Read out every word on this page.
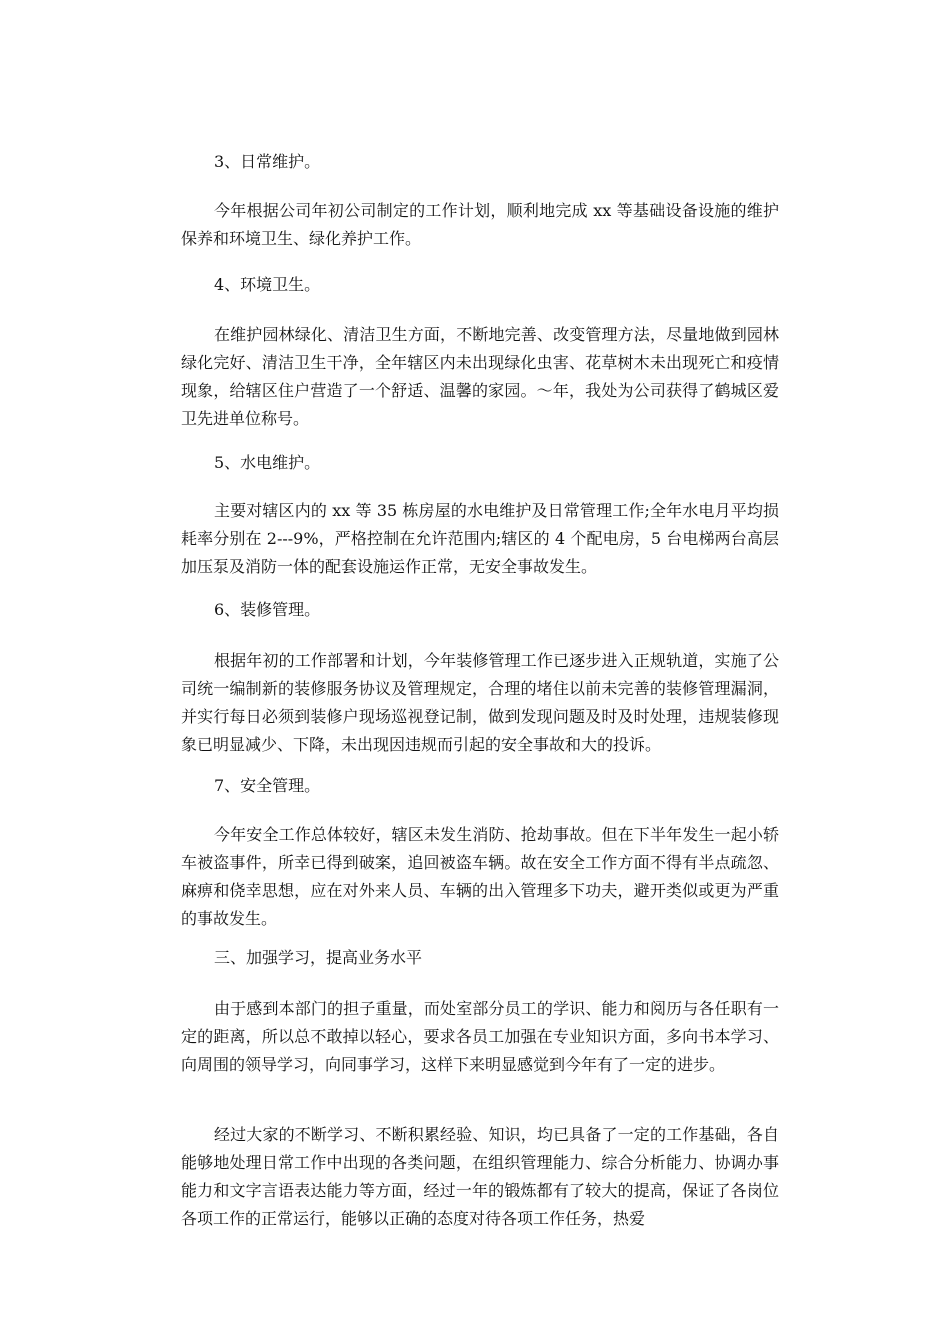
3、日常维护。

今年根据公司年初公司制定的工作计划，顺利地完成 xx 等基础设备设施的维护保养和环境卫生、绿化养护工作。

4、环境卫生。

在维护园林绿化、清洁卫生方面，不断地完善、改变管理方法，尽量地做到园林绿化完好、清洁卫生干净，全年辖区内未出现绿化虫害、花草树木未出现死亡和疫情现象，给辖区住户营造了一个舒适、温馨的家园。～年，我处为公司获得了鹤城区爱卫先进单位称号。

5、水电维护。

主要对辖区内的 xx 等 35 栋房屋的水电维护及日常管理工作;全年水电月平均损耗率分别在 2---9%，严格控制在允许范围内;辖区的 4 个配电房，5 台电梯两台高层加压泵及消防一体的配套设施运作正常，无安全事故发生。

6、装修管理。

根据年初的工作部署和计划，今年装修管理工作已逐步进入正规轨道，实施了公司统一编制新的装修服务协议及管理规定，合理的堵住以前未完善的装修管理漏洞，并实行每日必须到装修户现场巡视登记制，做到发现问题及时及时处理，违规装修现象已明显减少、下降，未出现因违规而引起的安全事故和大的投诉。

7、安全管理。

今年安全工作总体较好，辖区未发生消防、抢劫事故。但在下半年发生一起小轿车被盗事件，所幸已得到破案，追回被盗车辆。故在安全工作方面不得有半点疏忽、麻痹和侥幸思想，应在对外来人员、车辆的出入管理多下功夫，避开类似或更为严重的事故发生。

三、加强学习，提高业务水平

由于感到本部门的担子重量，而处室部分员工的学识、能力和阅历与各任职有一定的距离，所以总不敢掉以轻心，要求各员工加强在专业知识方面，多向书本学习、向周围的领导学习，向同事学习，这样下来明显感觉到今年有了一定的进步。

经过大家的不断学习、不断积累经验、知识，均已具备了一定的工作基础，各自能够地处理日常工作中出现的各类问题，在组织管理能力、综合分析能力、协调办事能力和文字言语表达能力等方面，经过一年的锻炼都有了较大的提高，保证了各岗位各项工作的正常运行，能够以正确的态度对待各项工作任务，热爱
